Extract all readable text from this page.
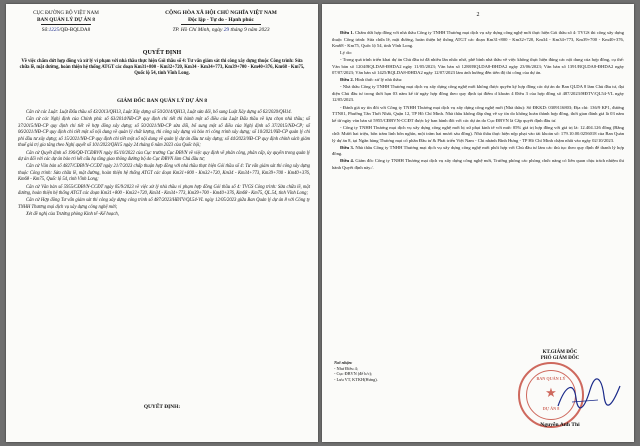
CỤC ĐƯỜNG BỘ VIỆT NAM
BAN QUẢN LÝ DỰ ÁN 8
Số:1225/QĐ-BQLDA8
CỘNG HÒA XÃ HỘI CHỦ NGHĨA VIỆT NAM
Độc lập - Tự do - Hạnh phúc
TP. Hồ Chí Minh, ngày 29 tháng 9 năm 2023
QUYẾT ĐỊNH
Về việc chấm dứt hợp đồng và xử lý vi phạm với nhà thầu thực hiện Gói thầu số 4: Tư vấn giám sát thi công xây dựng thuộc Công trình: Sửa chữa lề, mặt đường, hoàn thiện hệ thống ATGT các đoạn Km31+800 - Km32+720, Km34 - Km34+773, Km39+700 - Km40+376, Km68 - Km75, Quốc lộ 54, tỉnh Vĩnh Long.
GIÁM ĐỐC BAN QUẢN LÝ DỰ ÁN 8

Căn cứ các Luật: Luật Đấu thầu số 43/2013/QH13, Luật Xây dựng số 50/2014/QH13, Luật sửa đổi, bổ sung Luật Xây dựng số 62/2020/QH14.

Căn cứ các Nghị định của Chính phủ: số 63/2014/NĐ-CP quy định chi tiết thi hành một số điều của Luật Đấu thầu về lựa chọn nhà thầu; số 37/2015/NĐ-CP quy định chi tiết về hợp đồng xây dựng; số 50/2021/NĐ-CP sửa đổi, bổ sung một số điều của Nghị định số 37/2015/NĐ-CP; số 06/2021/NĐ-CP quy định chi tiết một số nội dung về quản lý chất lượng, thi công xây dựng và bảo trì công trình xây dựng; số 10/2021/NĐ-CP quản lý chi phí đầu tư xây dựng; số 15/2021/NĐ-CP quy định chi tiết một số nội dung về quản lý dự án đầu tư xây dựng; số 44/2023/NĐ-CP quy định chính sách giảm thuế giá trị gia tăng theo Nghị quyết số 101/2023/QH15 ngày 24 tháng 6 năm 2023 của Quốc hội;

Căn cứ Quyết định số 196/QĐ-TCĐBVN ngày 05/10/2022 của Cục trưởng Cục ĐBVN về việc quy định về phân công, phân cấp, ủy quyền trong quản lý dự án đối với các dự án bảo trì kết cấu hạ tầng giao thông đường bộ do Cục ĐBVN làm Chủ đầu tư;

Căn cứ Văn bản số 4827/CĐBVN-CCĐT ngày 21/7/2023 chấp thuận hợp đồng với nhà thầu thực hiện Gói thầu số 4: Tư vấn giám sát thi công xây dựng thuộc Công trình: Sửa chữa lề, mặt đường, hoàn thiện hệ thống ATGT các đoạn Km31+800 - Km32+720, Km34 - Km34+773, Km39+700 - Km40+376, Km68 - Km75, Quốc lộ 54, tỉnh Vĩnh Long;

Căn cứ Văn bản số 5955/CĐBVN-CCĐT ngày 05/9/2023 về việc xử lý nhà thầu vi phạm hợp đồng Gói thầu số 4: TVGS Công trình: Sửa chữa lề, mặt đường, hoàn thiện hệ thống ATGT các đoạn Km31+800 - Km32+720, Km34 - Km34+773, Km39+700 - Km40+376, Km68 - Km75, QL.54, tỉnh Vĩnh Long;

Căn cứ Hợp đồng Tư vấn giám sát thi công xây dựng công trình số 487/2023/HĐTV/QL54-VL ngày 12/05/2023 giữa Ban Quản lý dự án 8 với Công ty TNHH Thương mại dịch vụ xây dựng công nghệ mới;

Xét đề nghị của Trưởng phòng Kinh tế -Kế hoạch,

QUYẾT ĐỊNH:
2

Điều 1. Chấm dứt hợp đồng với nhà thầu Công ty TNHH Thương mại dịch vụ xây dựng công nghệ mới thực hiện Gói thầu số 4: TVGS thi công xây dựng thuộc Công trình: Sửa chữa lề, mặt đường, hoàn thiện hệ thống ATGT các đoạn Km31+800 - Km32+720, Km34 - Km34+773, Km39+700 - Km40+376, Km68 - Km75, Quốc lộ 54, tỉnh Vĩnh Long.

Lý do:

- Trong quá trình triển khai dự án Chủ đầu tư đã nhiều lần nhắc nhở, phê bình nhà thầu về việc không thực hiện đúng các nội dung của hợp đồng, cụ thể: Văn bản số 1204/BQLDA8-ĐHDA2 ngày 11/05/2023; Văn bản số 1288/BQLDA8-ĐHDA2 ngày 23/06/2023; Văn bản số 1391/BQLDA8-ĐHDA2 ngày 07/07/2023; Văn bản số 1425/BQLDA8-ĐHDA2 ngày 12/07/2023 làm ảnh hưởng đến tiến độ thi công của dự án.

Điều 2. Hình thức xử lý nhà thầu:

- Nhà thầu Công ty TNHH Thương mại dịch vụ xây dựng công nghệ mới không được quyền ký hợp đồng các dự án do Ban QLDA 8 làm Chủ đầu tư, đại diện Chủ đầu tư trong thời hạn 03 năm kể từ ngày hợp đồng theo quy định tại điểm d khoản 4 Điều 3 của hợp đồng số 487/2023/HĐTV/QL54-VL ngày 12/05/2023.

- Đánh giá uy tín đối với Công ty TNHH Thương mại dịch vụ xây dựng công nghệ mới (Nhà thầu): Số ĐKKD: 0309116803; Địa chỉ: 136/9 KP1, đường TTN01, Phường Tân Thới Nhất, Quận 12, TP Hồ Chí Minh. Nhà thầu không đáp ứng về uy tín do không hoàn thành hợp đồng, thời gian đánh giá là 03 năm kể từ ngày văn bản số 5955/CĐBVN-CCĐT được ký ban hành đối với các dự án do Cục ĐBVN là Cấp quyết định đầu tư.

- Công ty TNHH Thương mại dịch vụ xây dựng công nghệ mới bị xử phạt kinh tế với mức 05% giá trị hợp đồng với giá trị là: 12.404.126 đồng (Bằng chữ: Mười hai triệu, bốn trăm linh bốn nghìn, một trăm hai mươi sáu đồng). Nhà thầu thực hiện nộp phạt vào tài khoản số: 179.10.00.0256018 của Ban Quản lý dự án 8, tại Ngân hàng Thương mại cổ phần Đầu tư & Phát triển Việt Nam - Chi nhánh Bình Hưng - TP Hồ Chí Minh chậm nhất vào ngày 02/10/2023.

Điều 3. Nhà thầu Công ty TNHH Thương mại dịch vụ xây dựng công nghệ mới phối hợp với Chủ đầu tư làm các thủ tục theo quy định để thanh lý hợp đồng.

Điều 4. Giám đốc Công ty TNHH Thương mại dịch vụ xây dựng công nghệ mới, Trưởng phòng các phòng chức năng có liên quan chịu trách nhiệm thi hành Quyết định này./.

Nơi nhận:
- Như Điều 4;
- Cục ĐBVN (để b/c);
- Lưu VT, KTKH(Hưng).
KT.GIÁM ĐỐC
PHÓ GIÁM ĐỐC
BAN QUẢN LÝ
★
DỰ ÁN 8
Nguyễn Anh Thi
